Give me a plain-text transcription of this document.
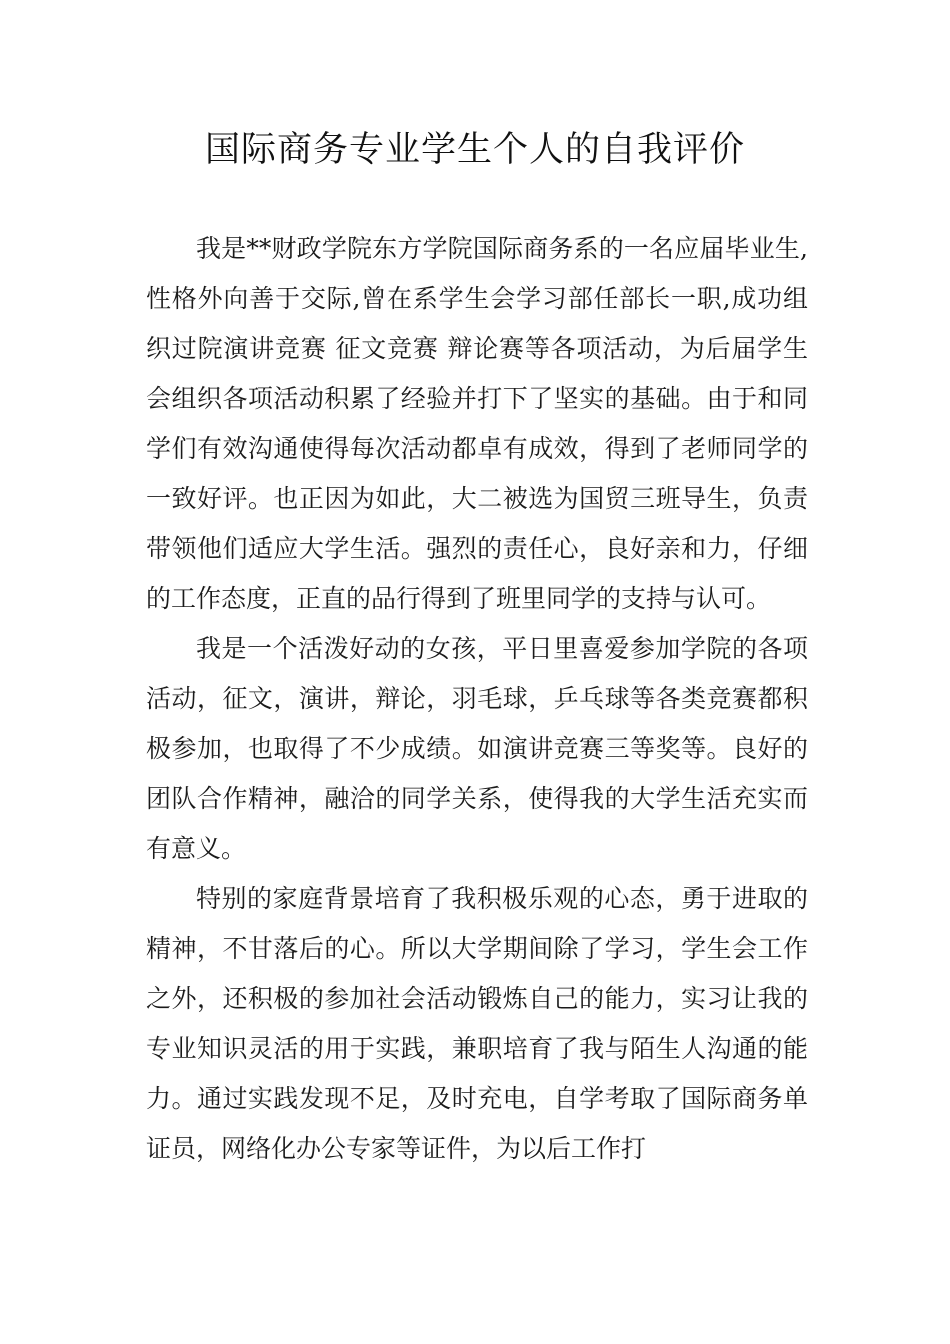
国际商务专业学生个人的自我评价

我是**财政学院东方学院国际商务系的一名应届毕业生,性格外向善于交际,曾在系学生会学习部任部长一职,成功组织过院演讲竞赛 征文竞赛 辩论赛等各项活动，为后届学生会组织各项活动积累了经验并打下了坚实的基础。由于和同学们有效沟通使得每次活动都卓有成效，得到了老师同学的一致好评。也正因为如此，大二被选为国贸三班导生，负责带领他们适应大学生活。强烈的责任心，良好亲和力，仔细的工作态度，正直的品行得到了班里同学的支持与认可。

我是一个活泼好动的女孩，平日里喜爱参加学院的各项活动，征文，演讲，辩论，羽毛球，乒乓球等各类竞赛都积极参加，也取得了不少成绩。如演讲竞赛三等奖等。良好的团队合作精神，融洽的同学关系，使得我的大学生活充实而有意义。

特别的家庭背景培育了我积极乐观的心态，勇于进取的精神，不甘落后的心。所以大学期间除了学习，学生会工作之外，还积极的参加社会活动锻炼自己的能力，实习让我的专业知识灵活的用于实践，兼职培育了我与陌生人沟通的能力。通过实践发现不足，及时充电，自学考取了国际商务单证员，网络化办公专家等证件，为以后工作打
